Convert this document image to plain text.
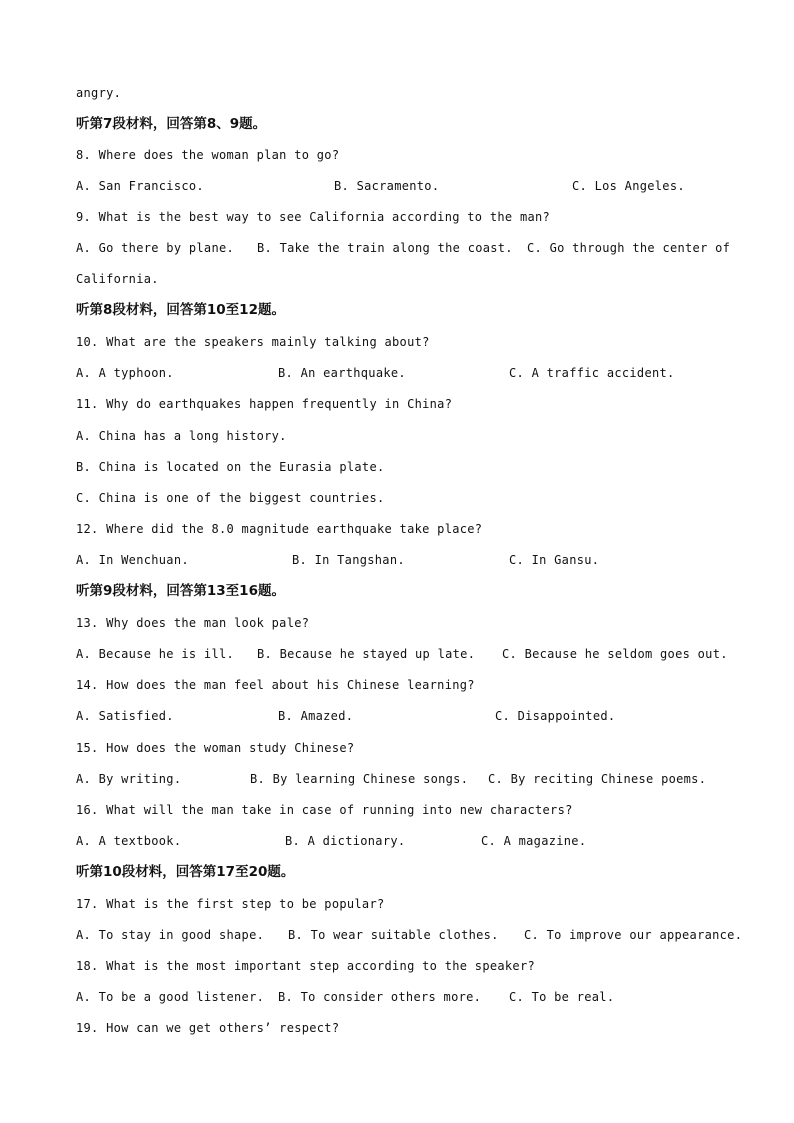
angry.
听第7段材料，回答第8、9题。
8. Where does the woman plan to go?
A. San Francisco.	B. Sacramento.	C. Los Angeles.
9. What is the best way to see California according to the man?
A. Go there by plane. B. Take the train along the coast. C. Go through the center of
California.
听第8段材料，回答第10至12题。
10. What are the speakers mainly talking about?
A. A typhoon.	B. An earthquake.	C. A traffic accident.
11. Why do earthquakes happen frequently in China?
A. China has a long history.
B. China is located on the Eurasia plate.
C. China is one of the biggest countries.
12. Where did the 8.0 magnitude earthquake take place?
A. In Wenchuan.	B. In Tangshan.	C. In Gansu.
听第9段材料，回答第13至16题。
13. Why does the man look pale?
A. Because he is ill. B. Because he stayed up late. C. Because he seldom goes out.
14. How does the man feel about his Chinese learning?
A. Satisfied.	B. Amazed.	C. Disappointed.
15. How does the woman study Chinese?
A. By writing.	B. By learning Chinese songs. C. By reciting Chinese poems.
16. What will the man take in case of running into new characters?
A. A textbook.	B. A dictionary.	C. A magazine.
听第10段材料，回答第17至20题。
17. What is the first step to be popular?
A. To stay in good shape. B. To wear suitable clothes. C. To improve our appearance.
18. What is the most important step according to the speaker?
A. To be a good listener. B. To consider others more. C. To be real.
19. How can we get others’ respect?
